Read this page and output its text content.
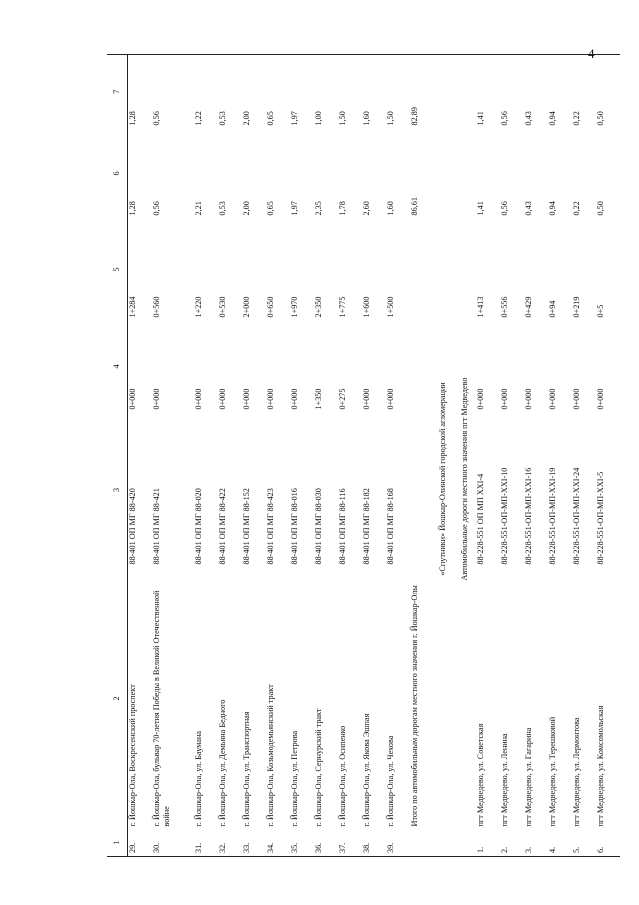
4
1	2	3	4	5	6	7
29.	г. Йошкар-Ола, Воскресенский проспект	88-401 ОП МГ 88-420	0+000	1+284	1,28	1,28
30.	г. Йошкар-Ола, бульвар 70-летия Победы в Великой Отечественной войне	88-401 ОП МГ 88-421	0+000	0+560	0,56	0,56
31.	г. Йошкар-Ола, ул. Баумана	88-401 ОП МГ 88-020	0+000	1+220	2,21	1,22
32.	г. Йошкар-Ола, ул. Демьяна Бедного	88-401 ОП МГ 88-422	0+000	0+530	0,53	0,53
33.	г. Йошкар-Ола, ул. Транспортная	88-401 ОП МГ 88-152	0+000	2+000	2,00	2,00
34.	г. Йошкар-Ола, Козьмодемьянский тракт	88-401 ОП МГ 88-423	0+000	0+650	0,65	0,65
35.	г. Йошкар-Ола, ул. Петрова	88-401 ОП МГ 88-016	0+000	1+970	1,97	1,97
36.	г. Йошкар-Ола, Сернурский тракт	88-401 ОП МГ 88-030	1+350	2+350	2,35	1,00
37.	г. Йошкар-Ола, ул. Осипенко	88-401 ОП МГ 88-116	0+275	1+775	1,78	1,50
38.	г. Йошкар-Ола, ул. Якова Эшпая	88-401 ОП МГ 88-182	0+000	1+600	2,60	1,60
39.	г. Йошкар-Ола, ул. Чехова	88-401 ОП МГ 88-168	0+000	1+500	1,60	1,50
	Итого по автомобильным дорогам местного значения г. Йошкар-Олы				86,61	82,89
	«Спутники» Йошкар-Олинской городской агломерации					
	Автомобильные дороги местного значения пгт Медведево					
1.	пгт Медведево, ул. Советская	88-228-551 ОП МП ХХI-4	0+000	1+413	1,41	1,41
2.	пгт Медведево, ул. Ленина	88-228-551-ОП-МП-ХХI-10	0+000	0+556	0,56	0,56
3.	пгт Медведево, ул. Гагарина	88-228-551-ОП-МП-ХХI-16	0+000	0+429	0,43	0,43
4.	пгт Медведево, ул. Терешковой	88-228-551-ОП-МП-ХХI-19	0+000	0+94	0,94	0,94
5.	пгт Медведево, ул. Лермонтова	88-228-551-ОП-МП-ХХI-24	0+000	0+219	0,22	0,22
6.	пгт Медведево, ул. Комсомольская	88-228-551-ОП-МП-ХХI-5	0+000	0+5	0,50	0,50
